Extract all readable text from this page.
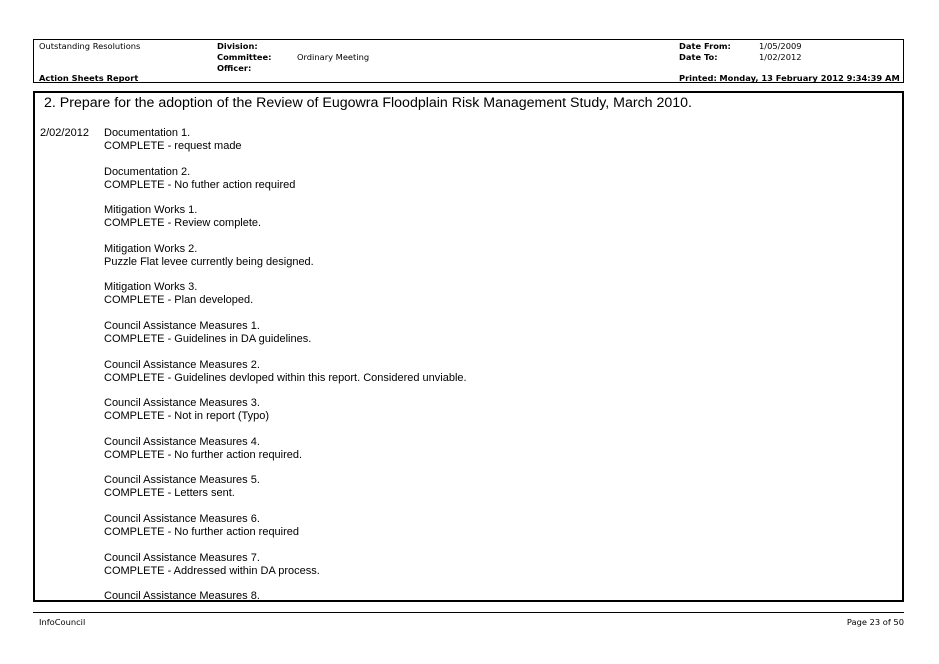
Outstanding Resolutions
Action Sheets Report
Division:
Committee:	Ordinary Meeting
Officer:
Date From:	1/05/2009
Date To:	1/02/2012
Printed: Monday, 13 February 2012 9:34:39 AM
2. Prepare for the adoption of the Review of Eugowra Floodplain Risk Management Study, March 2010.
2/02/2012 Documentation 1.
COMPLETE - request made
Documentation 2.
COMPLETE - No futher action required
Mitigation Works 1.
COMPLETE - Review complete.
Mitigation Works 2.
Puzzle Flat levee currently being designed.
Mitigation Works 3.
COMPLETE - Plan developed.
Council Assistance Measures 1.
COMPLETE - Guidelines in DA guidelines.
Council Assistance Measures 2.
COMPLETE - Guidelines devloped within this report. Considered unviable.
Council Assistance Measures 3.
COMPLETE - Not in report (Typo)
Council Assistance Measures 4.
COMPLETE - No further action required.
Council Assistance Measures 5.
COMPLETE - Letters sent.
Council Assistance Measures 6.
COMPLETE - No further action required
Council Assistance Measures 7.
COMPLETE - Addressed within DA process.
Council Assistance Measures 8.
InfoCouncil	Page 23 of 50
